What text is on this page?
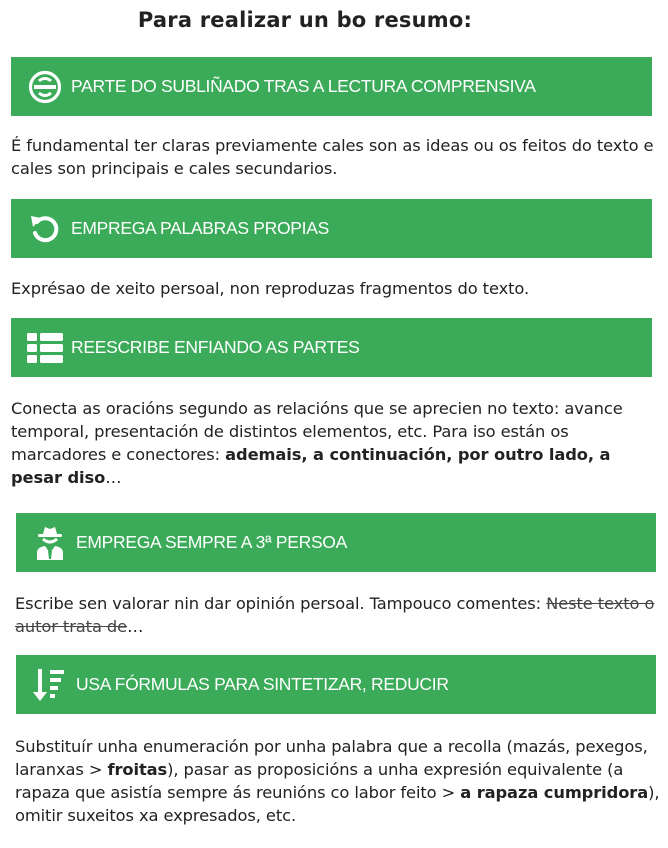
Para realizar un bo resumo:
PARTE DO SUBLIÑADO TRAS A LECTURA COMPRENSIVA
É fundamental ter claras previamente cales son as ideas ou os feitos do texto e cales son principais e cales secundarios.
EMPREGA PALABRAS PROPIAS
Exprésao de xeito persoal, non reproduzas fragmentos do texto.
REESCRIBE ENFIANDO AS PARTES
Conecta as oracións segundo as relacións que se aprecien no texto: avance temporal, presentación de distintos elementos, etc. Para iso están os marcadores e conectores: ademais, a continuación, por outro lado, a pesar diso…
EMPREGA SEMPRE A 3ª PERSOA
Escribe sen valorar nin dar opinión persoal. Tampouco comentes: Neste texto o autor trata de…
USA FÓRMULAS PARA SINTETIZAR, REDUCIR
Substituír unha enumeración por unha palabra que a recolla (mazás, pexegos, laranxas > froitas), pasar as proposicións a unha expresión equivalente (a rapaza que asistía sempre ás reunións co labor feito > a rapaza cumpridora), omitir suxeitos xa expresados, etc.
